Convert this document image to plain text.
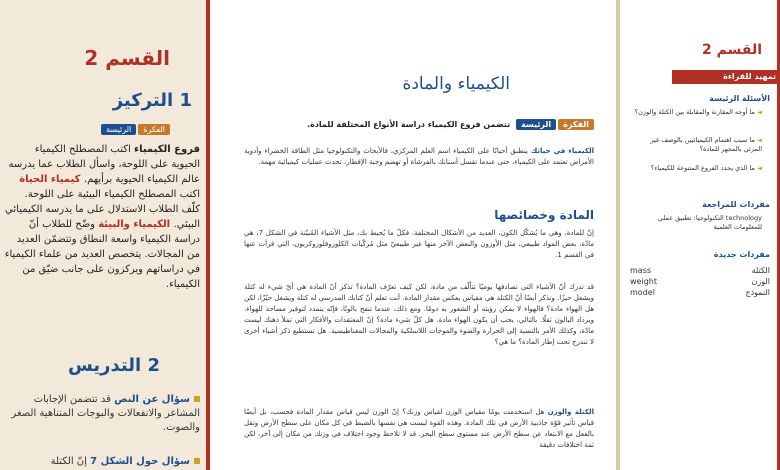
القسم 2
1 التركيز
الفكرة
الرئيسة
فروع الكيمياء اكتب المصطلح الكيمياء الحيوية على اللوحة، واسأل الطلاب عما يدرسه عالم الكيمياء الحيوية برأيهم. كيمياء الحياة اكتب المصطلح الكيمياء البيئية على اللوحة. كلّف الطلاب الاستدلال على ما يدرسه الكيميائي البيئي. الكيمياء والبيئة وضّح للطلاب أنّ دراسة الكيمياء واسعة النطاق وتتضمّن العديد من المجالات. يتخصص العديد من علماء الكيمياء في دراساتهم ويركزون على جانب ضيّق من الكيمياء.
2 التدريس
سؤال عن النص قد تتضمن الإجابات المشاعر والانفعالات والبوجات المتناهية الصغر والصوت.
سؤال حول الشكل 7 إنّ الكتلة
الكيمياء والمادة
الفكرة
الرئيسة
تتضمن فروع الكيمياء دراسة الأنواع المختلفة للمادة.
الكيمياء في حياتك ينطبق أحيانًا على الكيمياء اسم العلم المركزي، فالأبحاث والتكنولوجيا مثل الطاقة الخضراء وأدوية الأمراض تعتمد على الكيمياء، حتى عندما تقسل أسنانك بالفرشاة أو تهضم وجبة الإفطار، تحدث عمليات كيميائية مهمة.
المادة وخصائصها
إنّ للمادة، وهي ما يُشكّل الكون، العديد من الأشكال المختلفة. فكلّ ما يُحيط بك، مثل الأشياء المُبيّنة في الشكل 7، هي مادّة، بعض المواد طبيعي، مثل الأوزون والبعض الآخر منها غير طبيعيّ مثل مُركّبات الكلوروفلوروكربون، التي قرأت عنها في القسم 1.
قد تدرك أنّ الأشياء التي تصادفها يوميًا تتألّف من مادة، لكن كيف تعرّف المادة؟ تذكر أنّ المادة هي أيّ شيء له كتلة ويشغل حيزًا. وتذكر أيضًا أنّ الكتلة هي مقياس يعكس مقدار المادة. أنت تعلم أنّ كتابك المدرسي له كتلة ويشغل حيّزًا، لكن هل الهواء مادة؟ فالهواء لا يمكن رؤيته أو الشعور به دومًا. ومع ذلك، عندما تنفخ بالونًا، فإنّه يتمدد لتوفير مساحة للهواء، ويزداد البالون ثقلًا. بالتالي، يجب أن يكون الهواء مادة. هل كلّ شيء مادة؟ إنّ المعتقدات والأفكار التي تملأ ذهنك ليست مادّة، وكذلك الأمر بالنسبة إلى الحرارة والضوء والموجات اللاسلكية والمجالات المغناطيسية. هل تستطيع ذكر أشياء أخرى لا تندرج تحت إطار المادة؟ ما هي؟
الكتلة والوزن هل استخدمت يومًا مقياس الوزن لقياس وزنك؟ إنّ الوزن ليس قياس مقدار المادة فحسب، بل أيضًا قياس تأثير قوّة جاذبية الأرض في تلك المادة. وهذه القوة ليست هي نفسها بالضبط في كل مكان على سطح الأرض وتقل بالفعل مع الابتعاد عن سطح الأرض عند مستوى سطح البحر. قد لا تلاحظ وجود اختلاف في وزنك من مكان إلى آخر، لكن ثمة اختلافات دقيقة
القسم 2
تمهيد للقراءة
الأسئلة الرئيسة
◄ ما أوجه المقارنة والمقابلة بين الكتلة والوزن؟
◄ ما سبب اهتمام الكيميائيين بالوصف غير المرئي بالمجهر للمادة؟
◄ ما الذي يحدد الفروع المتنوعة للكيمياء؟
مفردات للمراجعة
technology التكنولوجيا: تطبيق عملي للمعلومات العلمية
مفردات جديدة
mass	الكتلة
weight	الوزن
model	النموذج
